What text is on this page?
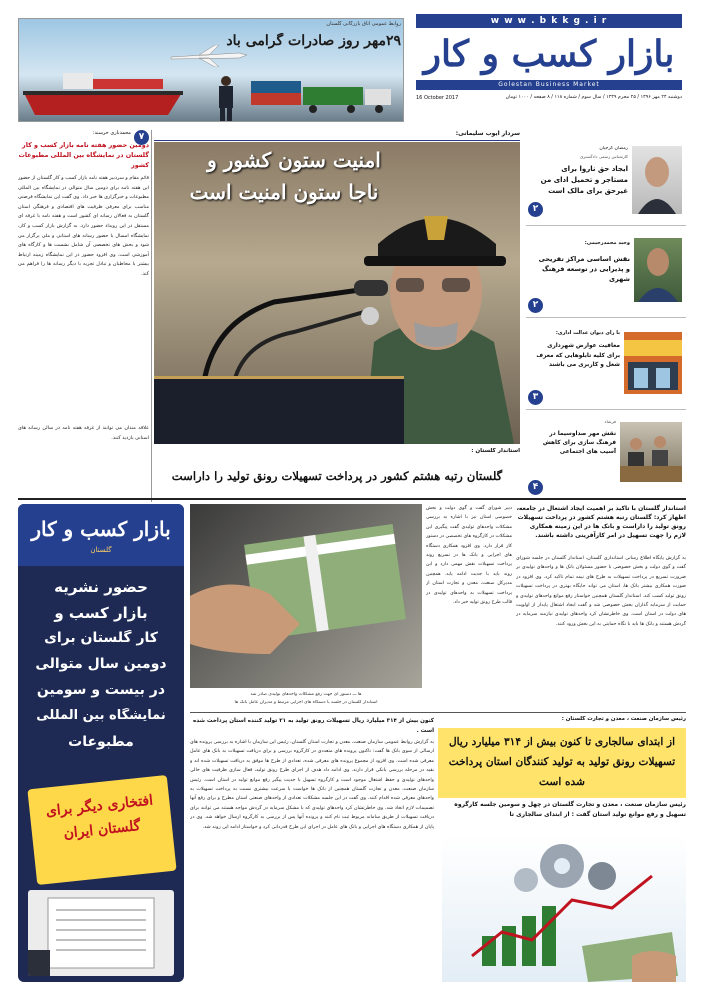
w w w . b k k g . i r
بازار کسب و کار
Golestan Business Market
16 October 2017	دوشنبه ۲۴ مهر ۱۳۹۶ / ۲۵ محرم ۱۴۳۹ / سال سوم / شماره ۱۱۸ / ۸ صفحه / ۱۰۰۰ تومان
۲۹مهر روز صادرات گرامی باد
روابط عمومی اتاق بازرگانی گلستان
سردار ایوب سلیمانی:
۷
محمدباری خرسند:
دومین حضور هفته نامه بازار کسب و کار گلستان در نمایشگاه بین المللی مطبوعات کشور

قائم مقام و سردبیر هفته نامه بازار کسب و کار گلستان از حضور این هفته نامه برای دومین سال متوالی در نمایشگاه بین المللی مطبوعات و خبرگزاری ها خبر داد. وی گفت این نمایشگاه فرصتی مناسب برای معرفی ظرفیت های اقتصادی و فرهنگی استان گلستان به فعالان رسانه ای کشور است و هفته نامه با غرفه ای مستقل در این رویداد حضور دارد. به گزارش بازار کسب و کار، نمایشگاه امسال با حضور رسانه های استانی و ملی برگزار می شود و بخش های تخصصی آن شامل نشست ها و کارگاه های آموزشی است. وی افزود حضور در این نمایشگاه زمینه ارتباط بیشتر با مخاطبان و تبادل تجربه با دیگر رسانه ها را فراهم می کند.

علاقه مندان می توانند از غرفه هفته نامه در سالن رسانه های استانی بازدید کنند.

امنیت ستون کشور و
ناجا ستون امنیت است
رمضان گرجیان
کارشناس رسمی دادگستری
ایجاد حق ناروا برای مستاجر و تحمیل ادای من غیرحق برای مالک است
۲
وحید محمدرحیمی:
نقش اساسی مراکز تفریحی و پذیرایی در توسعه فرهنگ شهری
۲
با رای دیوان عدالت اداری:
معافیت عوارض شهرداری برای کلیه تابلوهایی که معرف شغل و کاربری می باشند
۳
فرشاد
نقش مهر صداوسیما در فرهنگ سازی برای کاهش آسیب های اجتماعی
۴
استاندار گلستان :
گلستان رتبه هشتم کشور در پرداخت تسهیلات رونق تولید را داراست
بازار کسب و کار
گلستان
حضور نشریه
بازار کسب و
کار گلستان برای
دومین سال متوالی
در بیست و سومین
نمایشگاه بین المللی
مطبوعات
افتخاری دیگر برای گلستان ایران
ها ـــ دستور ای جهت رفع مشکلات واحدهای تولیدی صادر شد
استاندار گلستان در جلسه با دستگاه های اجرایی مرتبط و مدیران عامل بانک ها

دبیر شورای گفت و گوی دولت و بخش خصوصی استان نیز با اشاره به بررسی مشکلات واحدهای تولیدی گفت پیگیری این مشکلات در کارگروه های تخصصی در دستور کار قرار دارد. وی افزود همکاری دستگاه های اجرایی و بانک ها در تسریع روند پرداخت تسهیلات نقش مهمی دارد و این روند باید با جدیت ادامه یابد. همچنین مدیرکل صنعت، معدن و تجارت استان از پرداخت تسهیلات به واحدهای تولیدی در قالب طرح رونق تولید خبر داد.

استاندار گلستان با تاکید بر اهمیت ایجاد اشتغال در جامعه، اظهار کرد: گلستان رتبه هشتم کشور در پرداخت تسهیلات رونق تولید را داراست و بانک ها در این زمینه همکاری لازم را جهت تسهیل در امر کارآفرینی داشته باشند.

به گزارش پایگاه اطلاع رسانی استانداری گلستان، استاندار گلستان در جلسه شورای گفت و گوی دولت و بخش خصوصی با حضور مسئولان بانک ها و واحدهای تولیدی بر ضرورت تسریع در پرداخت تسهیلات به طرح های نیمه تمام تاکید کرد. وی افزود در صورت همکاری بیشتر بانک ها، استان می تواند جایگاه بهتری در پرداخت تسهیلات رونق تولید کسب کند. استاندار گلستان همچنین خواستار رفع موانع واحدهای تولیدی و حمایت از سرمایه گذاران بخش خصوصی شد و گفت ایجاد اشتغال پایدار از اولویت های دولت در استان است. وی خاطرنشان کرد واحدهای تولیدی نیازمند سرمایه در گردش هستند و بانک ها باید با نگاه حمایتی به این بخش ورود کنند.

رئیس سازمان صنعت ، معدن و تجارت گلستان :
از ابتدای سالجاری تا کنون بیش از ۳۱۴ میلیارد ریال تسهیلات رونق تولید به تولید کنندگان استان پرداخت شده است
رئیس سازمان صنعت ، معدن و تجارت گلستان در چهل و سومین جلسه کارگروه تسهیل و رفع موانع تولید استان گفت : از ابتدای سالجاری تا
کنون بیش از ۳۱۴ میلیارد ریال تسهیلات رونق تولید به ۲۱ تولید کننده استان پرداخت شده است .

به گزارش روابط عمومی سازمان صنعت، معدن و تجارت استان گلستان، رئیس این سازمان با اشاره به بررسی پرونده های ارسالی از سوی بانک ها گفت: تاکنون پرونده های متعددی در کارگروه بررسی و برای دریافت تسهیلات به بانک های عامل معرفی شده است. وی افزود از مجموع پرونده های معرفی شده، تعدادی از طرح ها موفق به دریافت تسهیلات شده اند و بقیه در مرحله بررسی بانکی قرار دارند. وی ادامه داد هدف از اجرای طرح رونق تولید، فعال سازی ظرفیت های خالی واحدهای تولیدی و حفظ اشتغال موجود است و کارگروه تسهیل با جدیت پیگیر رفع موانع تولید در استان است. رئیس سازمان صنعت، معدن و تجارت گلستان همچنین از بانک ها خواست با سرعت بیشتری نسبت به پرداخت تسهیلات به واحدهای معرفی شده اقدام کنند. وی گفت در این جلسه مشکلات تعدادی از واحدهای صنعتی استان مطرح و برای رفع آنها تصمیمات لازم اتخاذ شد. وی خاطرنشان کرد واحدهای تولیدی که با مشکل سرمایه در گردش مواجه هستند می توانند برای دریافت تسهیلات از طریق سامانه مربوط ثبت نام کنند و پرونده آنها پس از بررسی به کارگروه ارسال خواهد شد. وی در پایان از همکاری دستگاه های اجرایی و بانک های عامل در اجرای این طرح قدردانی کرد و خواستار ادامه این روند شد.
